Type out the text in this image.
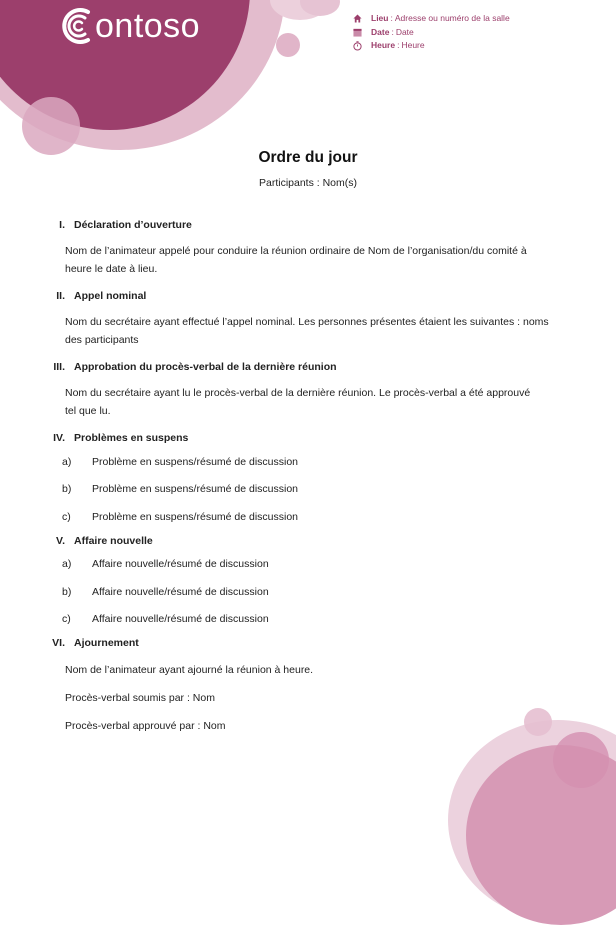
ontoso	Lieu : Adresse ou numéro de la salle
Date : Date
Heure : Heure
Ordre du jour
Participants : Nom(s)
I. Déclaration d’ouverture
Nom de l’animateur appelé pour conduire la réunion ordinaire de Nom de l’organisation/du comité à heure le date à lieu.
II. Appel nominal
Nom du secrétaire ayant effectué l’appel nominal. Les personnes présentes étaient les suivantes : noms des participants
III. Approbation du procès-verbal de la dernière réunion
Nom du secrétaire ayant lu le procès-verbal de la dernière réunion. Le procès-verbal a été approuvé tel que lu.
IV. Problèmes en suspens
a)	Problème en suspens/résumé de discussion
b)	Problème en suspens/résumé de discussion
c)	Problème en suspens/résumé de discussion
V. Affaire nouvelle
a)	Affaire nouvelle/résumé de discussion
b)	Affaire nouvelle/résumé de discussion
c)	Affaire nouvelle/résumé de discussion
VI. Ajournement
Nom de l’animateur ayant ajourné la réunion à heure.
Procès-verbal soumis par : Nom
Procès-verbal approuvé par : Nom
